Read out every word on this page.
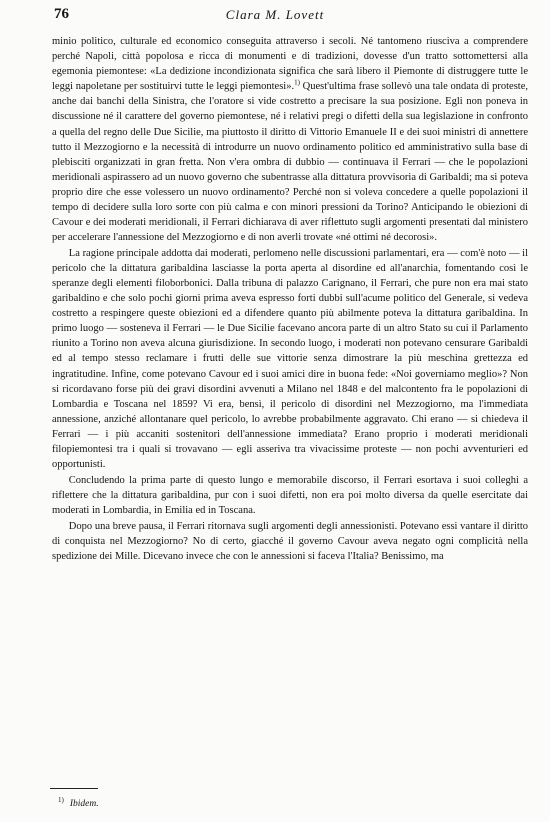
76	Clara M. Lovett

minio politico, culturale ed economico conseguita attraverso i secoli. Né tantomeno riusciva a comprendere perché Napoli, città popolosa e ricca di monumenti e di tradizioni, dovesse d'un tratto sottomettersi alla egemonia piemontese: «La dedizione incondizionata significa che sarà libero il Piemonte di distruggere tutte le leggi napoletane per sostituirvi tutte le leggi piemontesi».$^{1)}$ Quest'ultima frase sollevò una tale ondata di proteste, anche dai banchi della Sinistra, che l'oratore si vide costretto a precisare la sua posizione. Egli non poneva in discussione né il carattere del governo piemontese, né i relativi pregi o difetti della sua legislazione in confronto a quella del regno delle Due Sicilie, ma piuttosto il diritto di Vittorio Emanuele II e dei suoi ministri di annettere tutto il Mezzogiorno e la necessità di introdurre un nuovo ordinamento politico ed amministrativo sulla base di plebisciti organizzati in gran fretta. Non v'era ombra di dubbio — continuava il Ferrari — che le popolazioni meridionali aspirassero ad un nuovo governo che subentrasse alla dittatura provvisoria di Garibaldi; ma si poteva proprio dire che esse volessero un nuovo ordinamento? Perché non si voleva concedere a quelle popolazioni il tempo di decidere sulla loro sorte con più calma e con minori pressioni da Torino? Anticipando le obiezioni di Cavour e dei moderati meridionali, il Ferrari dichiarava di aver riflettuto sugli argomenti presentati dal ministero per accelerare l'annessione del Mezzogiorno e di non averli trovate «né ottimi né decorosi».

La ragione principale addotta dai moderati, perlomeno nelle discussioni parlamentari, era — com'è noto — il pericolo che la dittatura garibaldina lasciasse la porta aperta al disordine ed all'anarchia, fomentando così le speranze degli elementi filoborbonici. Dalla tribuna di palazzo Carignano, il Ferrari, che pure non era mai stato garibaldino e che solo pochi giorni prima aveva espresso forti dubbi sull'acume politico del Generale, si vedeva costretto a respingere queste obiezioni ed a difendere quanto più abilmente poteva la dittatura garibaldina. In primo luogo — sosteneva il Ferrari — le Due Sicilie facevano ancora parte di un altro Stato su cui il Parlamento riunito a Torino non aveva alcuna giurisdizione. In secondo luogo, i moderati non potevano censurare Garibaldi ed al tempo stesso reclamare i frutti delle sue vittorie senza dimostrare la più meschina grettezza ed ingratitudine. Infine, come potevano Cavour ed i suoi amici dire in buona fede: «Noi governiamo meglio»? Non si ricordavano forse più dei gravi disordini avvenuti a Milano nel 1848 e del malcontento fra le popolazioni di Lombardia e Toscana nel 1859? Vi era, bensì, il pericolo di disordini nel Mezzogiorno, ma l'immediata annessione, anziché allontanare quel pericolo, lo avrebbe probabilmente aggravato. Chi erano — si chiedeva il Ferrari — i più accaniti sostenitori dell'annessione immediata? Erano proprio i moderati meridionali filopiemontesi tra i quali si trovavano — egli asseriva tra vivacissime proteste — non pochi avventurieri ed opportunisti.

Concludendo la prima parte di questo lungo e memorabile discorso, il Ferrari esortava i suoi colleghi a riflettere che la dittatura garibaldina, pur con i suoi difetti, non era poi molto diversa da quelle esercitate dai moderati in Lombardia, in Emilia ed in Toscana.

Dopo una breve pausa, il Ferrari ritornava sugli argomenti degli annessionisti. Potevano essi vantare il diritto di conquista nel Mezzogiorno? No di certo, giacché il governo Cavour aveva negato ogni complicità nella spedizione dei Mille. Dicevano invece che con le annessioni si faceva l'Italia? Benissimo, ma

$^{1)}$ Ibidem.
